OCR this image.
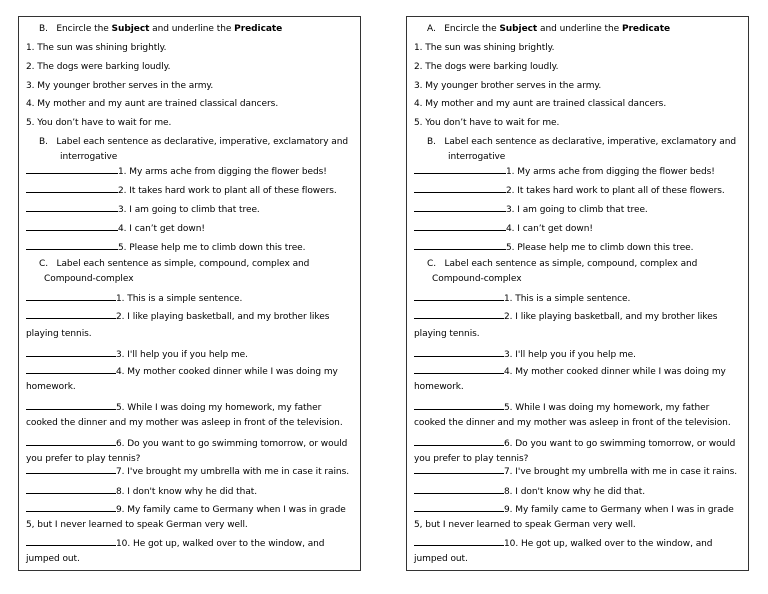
B. Encircle the Subject and underline the Predicate
1. The sun was shining brightly.
2. The dogs were barking loudly.
3. My younger brother serves in the army.
4. My mother and my aunt are trained classical dancers.
5. You don’t have to wait for me.
B. Label each sentence as declarative, imperative, exclamatory and
interrogative
1. My arms ache from digging the flower beds!
2. It takes hard work to plant all of these flowers.
3. I am going to climb that tree.
4. I can’t get down!
5. Please help me to climb down this tree.
C. Label each sentence as simple, compound, complex and
Compound-complex
1. This is a simple sentence.
2. I like playing basketball, and my brother likes
playing tennis.
3. I'll help you if you help me.
4. My mother cooked dinner while I was doing my
homework.
5. While I was doing my homework, my father
cooked the dinner and my mother was asleep in front of the television.
6. Do you want to go swimming tomorrow, or would
you prefer to play tennis?
7. I've brought my umbrella with me in case it rains.
8. I don't know why he did that.
9. My family came to Germany when I was in grade
5, but I never learned to speak German very well.
10. He got up, walked over to the window, and
jumped out.
A. Encircle the Subject and underline the Predicate
1. The sun was shining brightly.
2. The dogs were barking loudly.
3. My younger brother serves in the army.
4. My mother and my aunt are trained classical dancers.
5. You don’t have to wait for me.
B. Label each sentence as declarative, imperative, exclamatory and
interrogative
1. My arms ache from digging the flower beds!
2. It takes hard work to plant all of these flowers.
3. I am going to climb that tree.
4. I can’t get down!
5. Please help me to climb down this tree.
C. Label each sentence as simple, compound, complex and
Compound-complex
1. This is a simple sentence.
2. I like playing basketball, and my brother likes
playing tennis.
3. I'll help you if you help me.
4. My mother cooked dinner while I was doing my
homework.
5. While I was doing my homework, my father
cooked the dinner and my mother was asleep in front of the television.
6. Do you want to go swimming tomorrow, or would
you prefer to play tennis?
7. I've brought my umbrella with me in case it rains.
8. I don't know why he did that.
9. My family came to Germany when I was in grade
5, but I never learned to speak German very well.
10. He got up, walked over to the window, and
jumped out.
